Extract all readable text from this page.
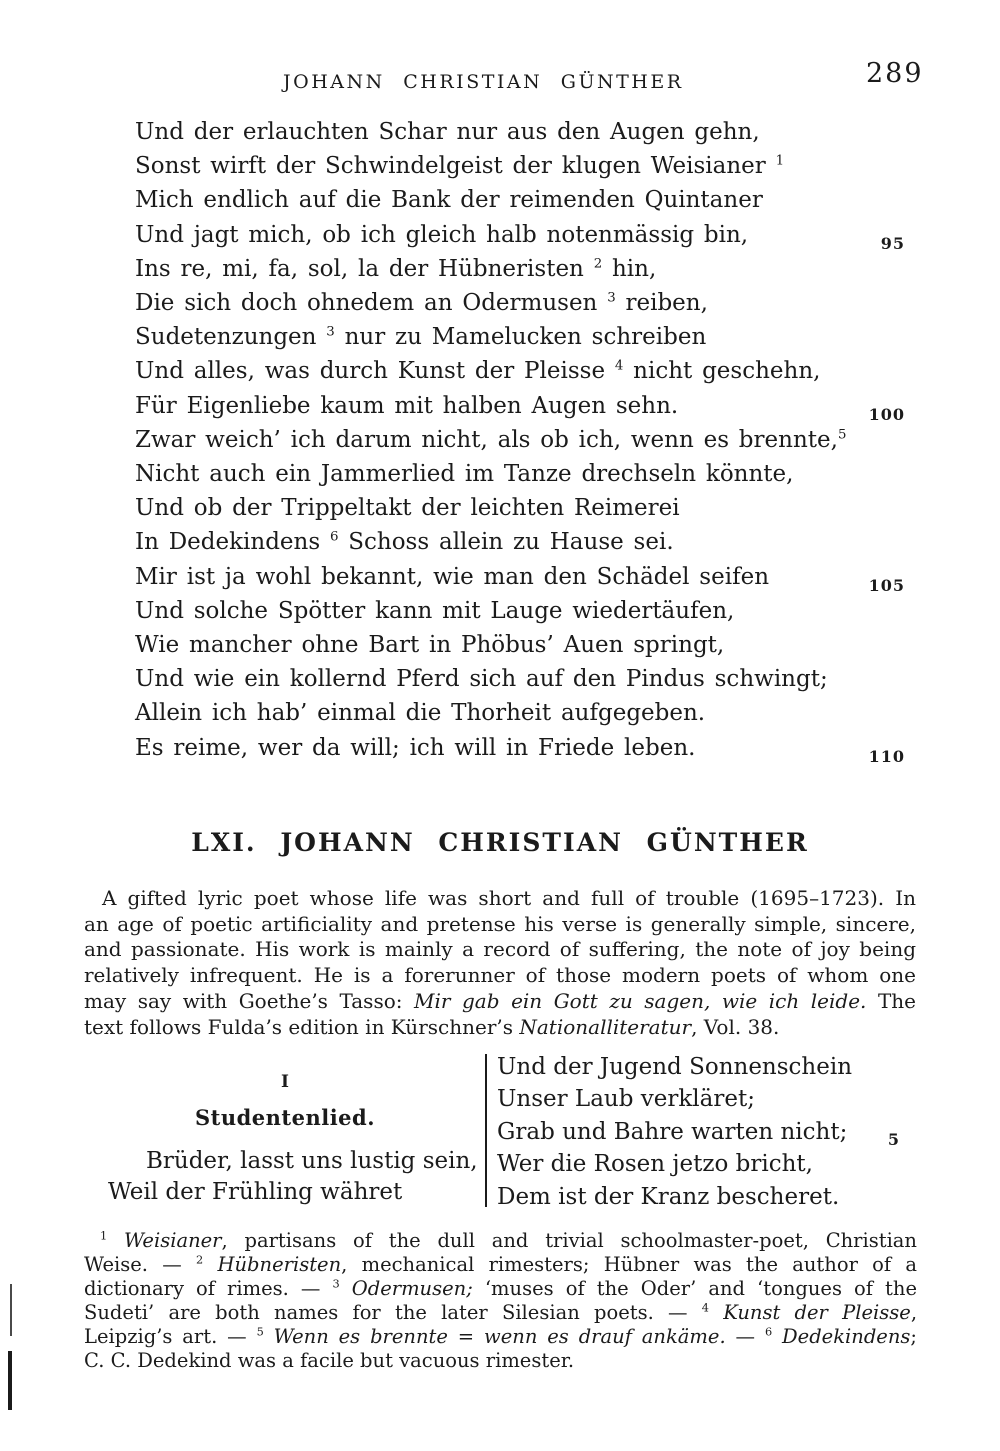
JOHANN CHRISTIAN GÜNTHER	289
Und der erlauchten Schar nur aus den Augen gehn,
Sonst wirft der Schwindelgeist der klugen Weisianer $^1$
Mich endlich auf die Bank der reimenden Quintaner
Und jagt mich, ob ich gleich halb notenmässig bin,	95
Ins re, mi, fa, sol, la der Hübneristen $^2$ hin,
Die sich doch ohnedem an Odermusen $^3$ reiben,
Sudetenzungen $^3$ nur zu Mamelucken schreiben
Und alles, was durch Kunst der Pleisse $^4$ nicht geschehn,
Für Eigenliebe kaum mit halben Augen sehn.	100
Zwar weich’ ich darum nicht, als ob ich, wenn es brennte,$^5$
Nicht auch ein Jammerlied im Tanze drechseln könnte,
Und ob der Trippeltakt der leichten Reimerei
In Dedekindens $^6$ Schoss allein zu Hause sei.
Mir ist ja wohl bekannt, wie man den Schädel seifen	105
Und solche Spötter kann mit Lauge wiedertäufen,
Wie mancher ohne Bart in Phöbus’ Auen springt,
Und wie ein kollernd Pferd sich auf den Pindus schwingt;
Allein ich hab’ einmal die Thorheit aufgegeben.
Es reime, wer da will; ich will in Friede leben.	110
LXI. JOHANN CHRISTIAN GÜNTHER
A gifted lyric poet whose life was short and full of trouble (1695–1723). In
an age of poetic artificiality and pretense his verse is generally simple, sincere,
and passionate. His work is mainly a record of suffering, the note of joy being
relatively infrequent. He is a forerunner of those modern poets of whom one
may say with Goethe’s Tasso: Mir gab ein Gott zu sagen, wie ich leide. The
text follows Fulda’s edition in Kürschner’s Nationalliteratur, Vol. 38.
I
Studentenlied.
Brüder, lasst uns lustig sein,
Weil der Frühling währet
Und der Jugend Sonnenschein
Unser Laub verkläret;
Grab und Bahre warten nicht;	5
Wer die Rosen jetzo bricht,
Dem ist der Kranz bescheret.
$^1$ Weisianer, partisans of the dull and trivial schoolmaster-poet, Christian
Weise. — $^2$ Hübneristen, mechanical rimesters; Hübner was the author of a
dictionary of rimes. — $^3$ Odermusen; ‘muses of the Oder’ and ‘tongues of the
Sudeti’ are both names for the later Silesian poets. — $^4$ Kunst der Pleisse,
Leipzig’s art. — $^5$ Wenn es brennte = wenn es drauf ankäme. — $^6$ Dedekindens;
C. C. Dedekind was a facile but vacuous rimester.
